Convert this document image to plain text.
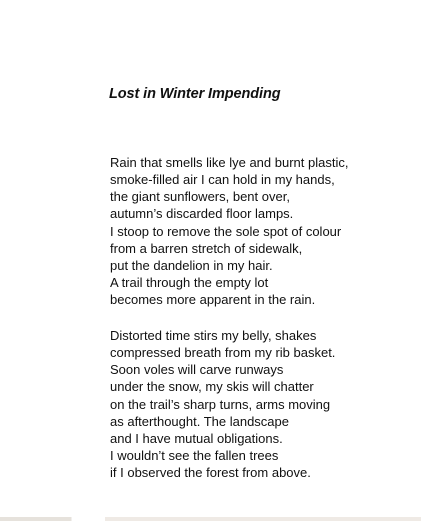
Lost in Winter Impending
Rain that smells like lye and burnt plastic,
smoke-filled air I can hold in my hands,
the giant sunflowers, bent over,
autumn’s discarded floor lamps.
I stoop to remove the sole spot of colour
from a barren stretch of sidewalk,
put the dandelion in my hair.
A trail through the empty lot
becomes more apparent in the rain.
Distorted time stirs my belly, shakes
compressed breath from my rib basket.
Soon voles will carve runways
under the snow, my skis will chatter
on the trail’s sharp turns, arms moving
as afterthought. The landscape
and I have mutual obligations.
I wouldn’t see the fallen trees
if I observed the forest from above.
